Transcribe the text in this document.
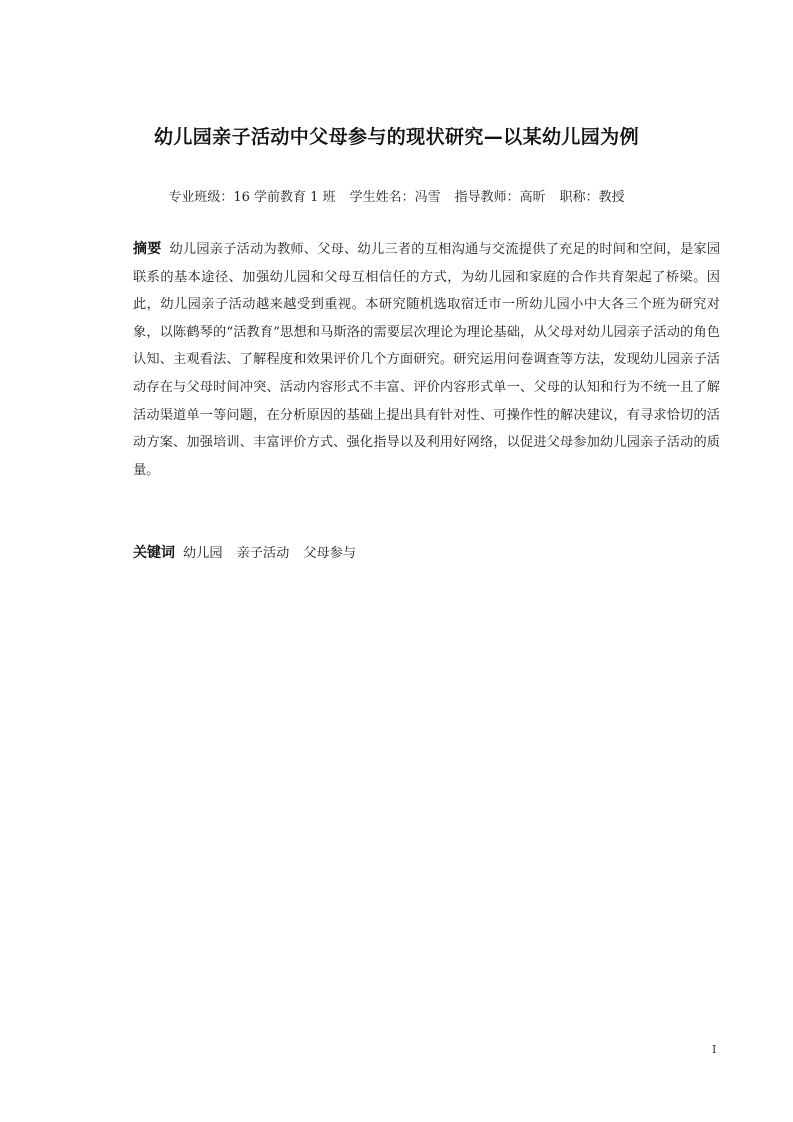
幼儿园亲子活动中父母参与的现状研究—以某幼儿园为例
专业班级：16 学前教育 1 班 学生姓名：冯雪 指导教师：高昕 职称：教授
摘要 幼儿园亲子活动为教师、父母、幼儿三者的互相沟通与交流提供了充足的时间和空间，是家园联系的基本途径、加强幼儿园和父母互相信任的方式，为幼儿园和家庭的合作共育架起了桥梁。因此，幼儿园亲子活动越来越受到重视。本研究随机选取宿迁市一所幼儿园小中大各三个班为研究对象，以陈鹤琴的“活教育”思想和马斯洛的需要层次理论为理论基础，从父母对幼儿园亲子活动的角色认知、主观看法、了解程度和效果评价几个方面研究。研究运用问卷调查等方法，发现幼儿园亲子活动存在与父母时间冲突、活动内容形式不丰富、评价内容形式单一、父母的认知和行为不统一且了解活动渠道单一等问题，在分析原因的基础上提出具有针对性、可操作性的解决建议，有寻求恰切的活动方案、加强培训、丰富评价方式、强化指导以及利用好网络，以促进父母参加幼儿园亲子活动的质量。
关键词 幼儿园 亲子活动 父母参与
I
